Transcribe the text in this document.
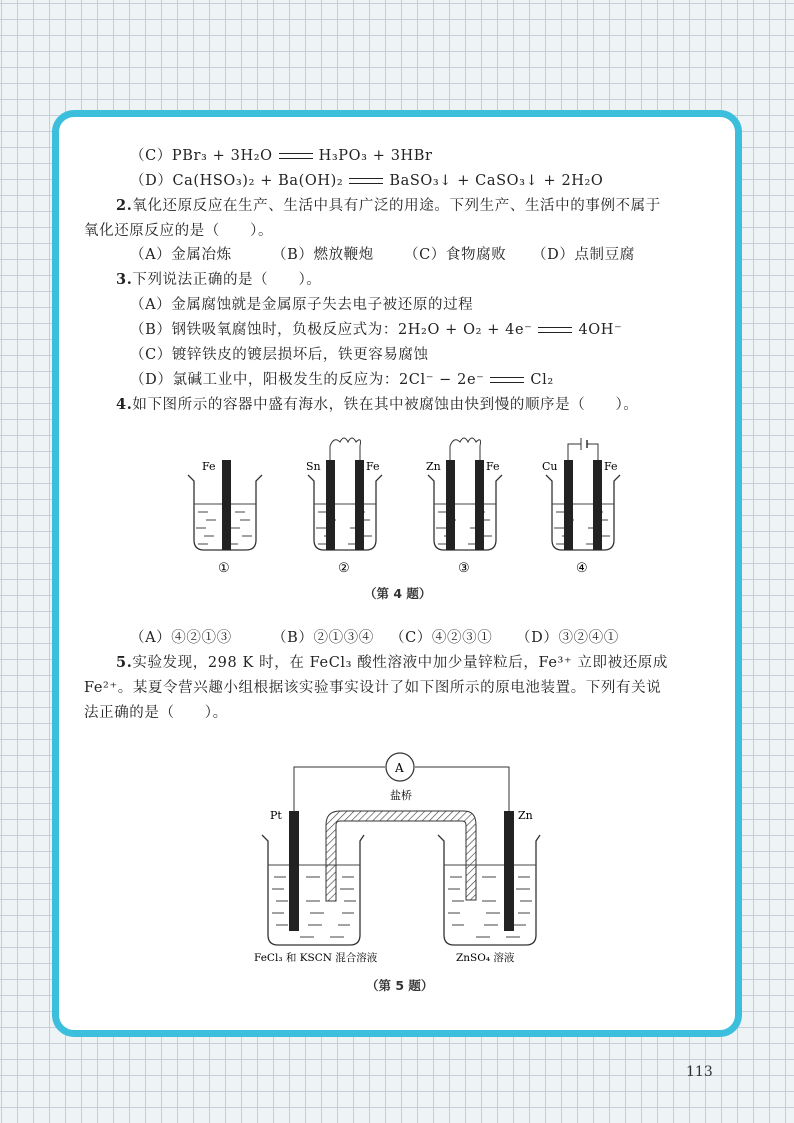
（C）PBr₃ + 3H₂O	H₃PO₃ + 3HBr
（D）Ca(HSO₃)₂ + Ba(OH)₂	BaSO₃↓ + CaSO₃↓ + 2H₂O
2.氧化还原反应在生产、生活中具有广泛的用途。下列生产、生活中的事例不属于
氧化还原反应的是（　　）。
（A）金属冶炼	（B）燃放鞭炮 （C）食物腐败 （D）点制豆腐
3.下列说法正确的是（　　）。
（A）金属腐蚀就是金属原子失去电子被还原的过程
（B）钢铁吸氧腐蚀时，负极反应式为：2H₂O + O₂ + 4e⁻	4OH⁻
（C）镀锌铁皮的镀层损坏后，铁更容易腐蚀
（D）氯碱工业中，阳极发生的反应为：2Cl⁻ − 2e⁻	Cl₂
4.如下图所示的容器中盛有海水，铁在其中被腐蚀由快到慢的顺序是（　　）。
Fe
①
Sn	Fe
②
Zn	Fe
③
Cu	Fe
④
（第 4 题）
（A）④②①③	（B）②①③④ （C）④②③① （D）③②④①
5.实验发现，298 K 时，在 FeCl₃ 酸性溶液中加少量锌粒后，Fe³⁺ 立即被还原成
Fe²⁺。某夏令营兴趣小组根据该实验事实设计了如下图所示的原电池装置。下列有关说
法正确的是（　　）。
A
盐桥
Pt	Zn
FeCl₃ 和 KSCN 混合溶液	ZnSO₄ 溶液
（第 5 题）
113
